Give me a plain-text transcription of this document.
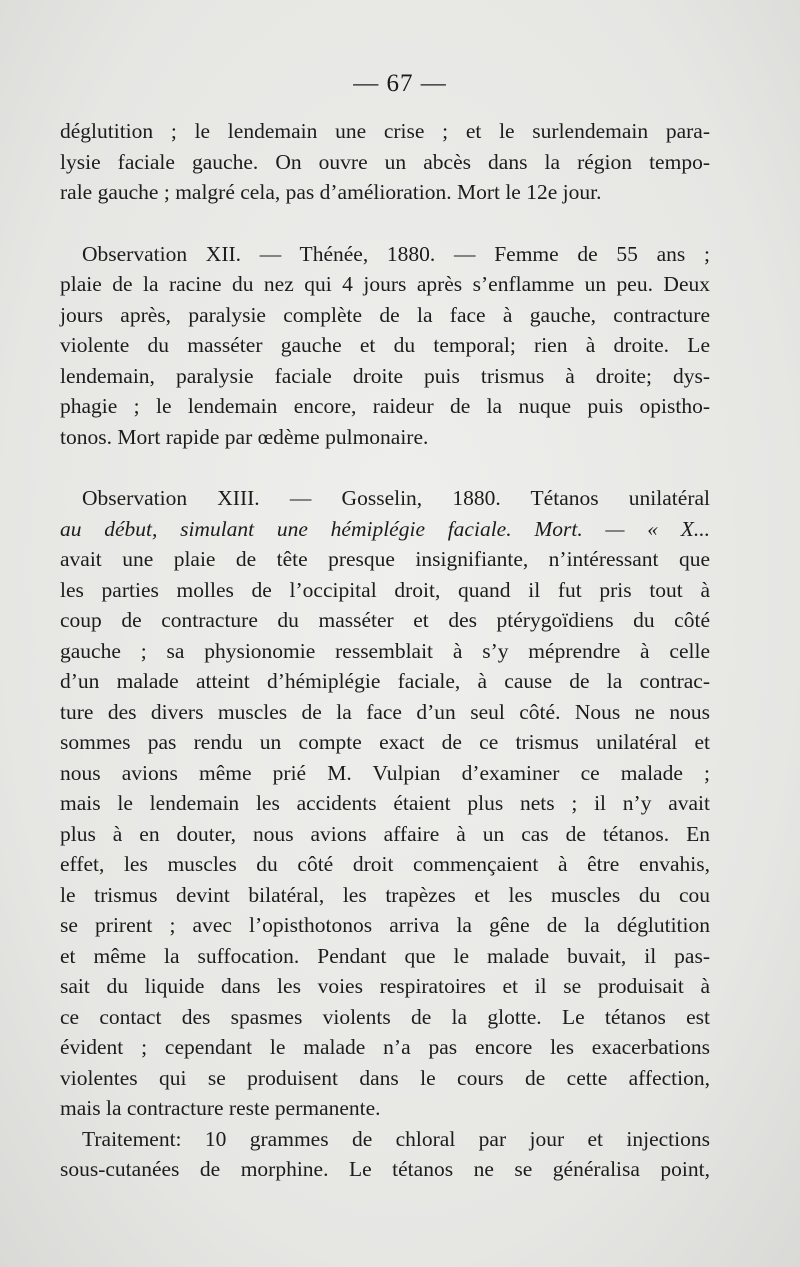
— 67 —
déglutition ; le lendemain une crise ; et le surlendemain para-
lysie faciale gauche. On ouvre un abcès dans la région tempo-
rale gauche ; malgré cela, pas d’amélioration. Mort le 12e jour.
Observation XII. — Thénée, 1880. — Femme de 55 ans ;
plaie de la racine du nez qui 4 jours après s’enflamme un peu. Deux
jours après, paralysie complète de la face à gauche, contracture
violente du masséter gauche et du temporal; rien à droite. Le
lendemain, paralysie faciale droite puis trismus à droite; dys-
phagie ; le lendemain encore, raideur de la nuque puis opistho-
tonos. Mort rapide par œdème pulmonaire.
Observation XIII. — Gosselin, 1880. Tétanos unilatéral
au début, simulant une hémiplégie faciale. Mort. — « X...
avait une plaie de tête presque insignifiante, n’intéressant que
les parties molles de l’occipital droit, quand il fut pris tout à
coup de contracture du masséter et des ptérygoïdiens du côté
gauche ; sa physionomie ressemblait à s’y méprendre à celle
d’un malade atteint d’hémiplégie faciale, à cause de la contrac-
ture des divers muscles de la face d’un seul côté. Nous ne nous
sommes pas rendu un compte exact de ce trismus unilatéral et
nous avions même prié M. Vulpian d’examiner ce malade ;
mais le lendemain les accidents étaient plus nets ; il n’y avait
plus à en douter, nous avions affaire à un cas de tétanos. En
effet, les muscles du côté droit commençaient à être envahis,
le trismus devint bilatéral, les trapèzes et les muscles du cou
se prirent ; avec l’opisthotonos arriva la gêne de la déglutition
et même la suffocation. Pendant que le malade buvait, il pas-
sait du liquide dans les voies respiratoires et il se produisait à
ce contact des spasmes violents de la glotte. Le tétanos est
évident ; cependant le malade n’a pas encore les exacerbations
violentes qui se produisent dans le cours de cette affection,
mais la contracture reste permanente.
Traitement: 10 grammes de chloral par jour et injections
sous-cutanées de morphine. Le tétanos ne se généralisa point,
